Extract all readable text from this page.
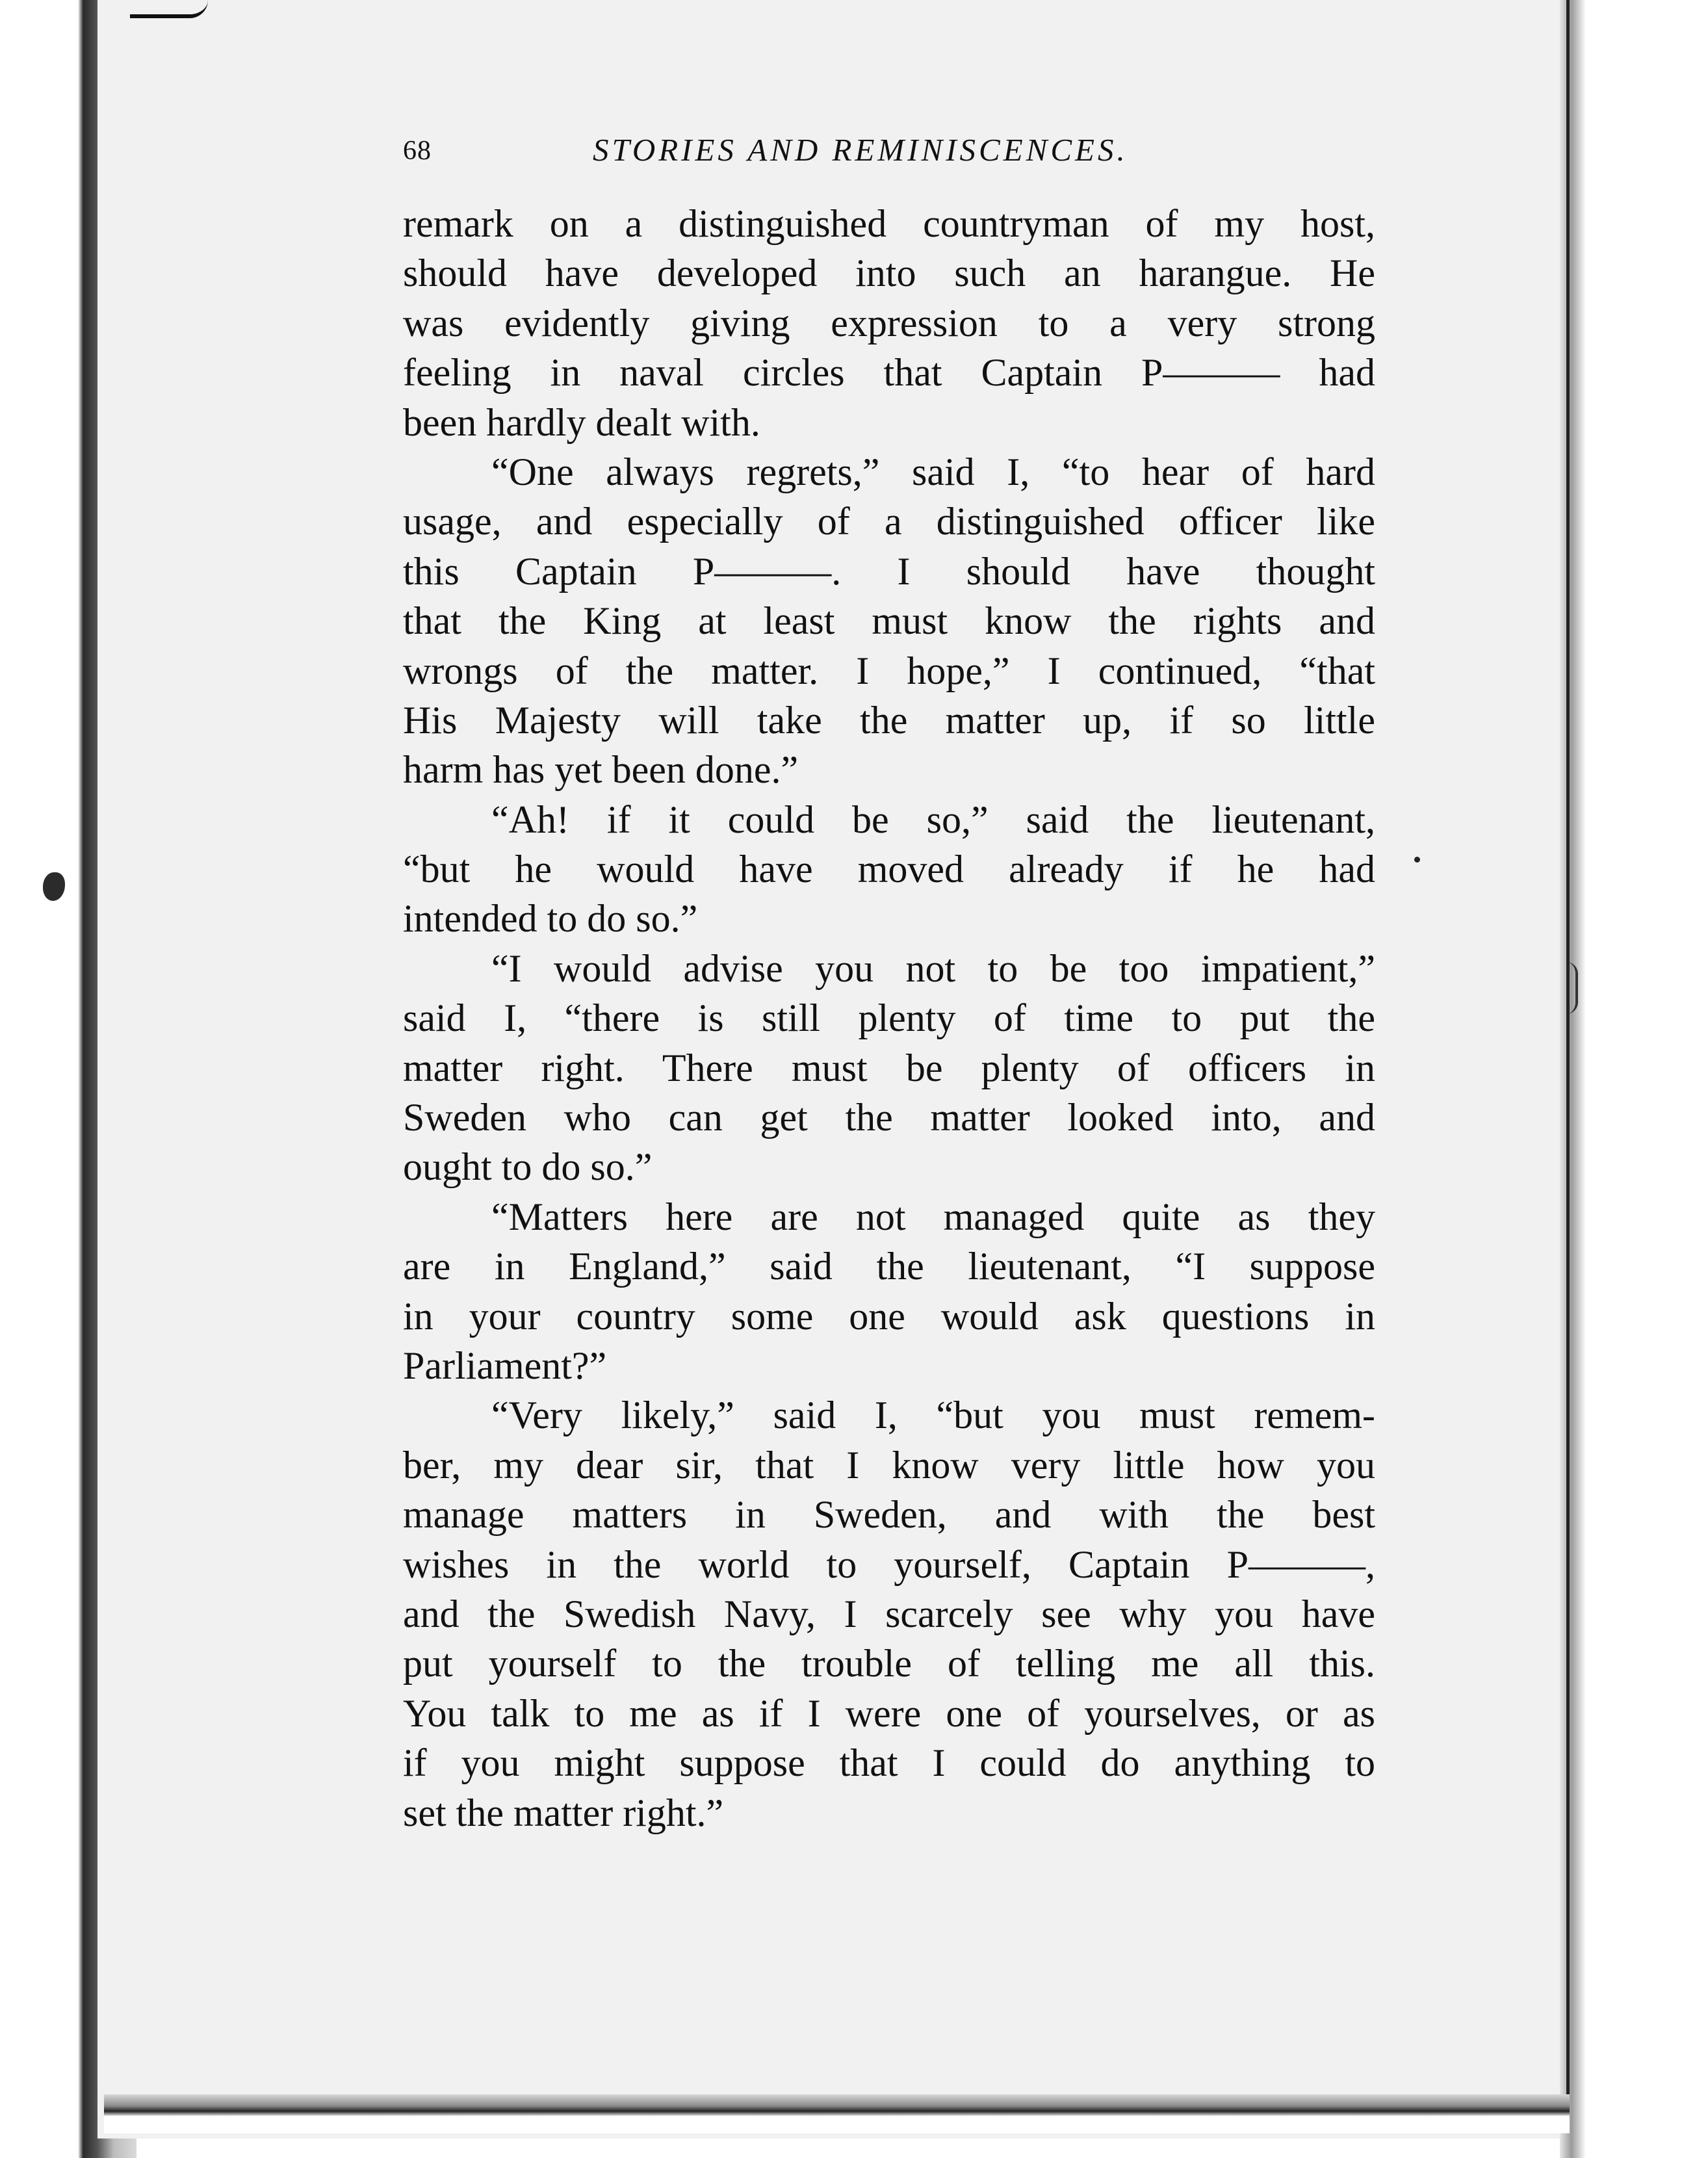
68	STORIES AND REMINISCENCES.
remark on a distinguished countryman of my host,
should have developed into such an harangue. He
was evidently giving expression to a very strong
feeling in naval circles that Captain P——— had
been hardly dealt with.
“One always regrets,” said I, “to hear of hard
usage, and especially of a distinguished officer like
this Captain P———. I should have thought
that the King at least must know the rights and
wrongs of the matter. I hope,” I continued, “that
His Majesty will take the matter up, if so little
harm has yet been done.”
“Ah! if it could be so,” said the lieutenant,
“but he would have moved already if he had
intended to do so.”
“I would advise you not to be too impatient,”
said I, “there is still plenty of time to put the
matter right. There must be plenty of officers in
Sweden who can get the matter looked into, and
ought to do so.”
“Matters here are not managed quite as they
are in England,” said the lieutenant, “I suppose
in your country some one would ask questions in
Parliament?”
“Very likely,” said I, “but you must remem-
ber, my dear sir, that I know very little how you
manage matters in Sweden, and with the best
wishes in the world to yourself, Captain P———,
and the Swedish Navy, I scarcely see why you have
put yourself to the trouble of telling me all this.
You talk to me as if I were one of yourselves, or as
if you might suppose that I could do anything to
set the matter right.”
